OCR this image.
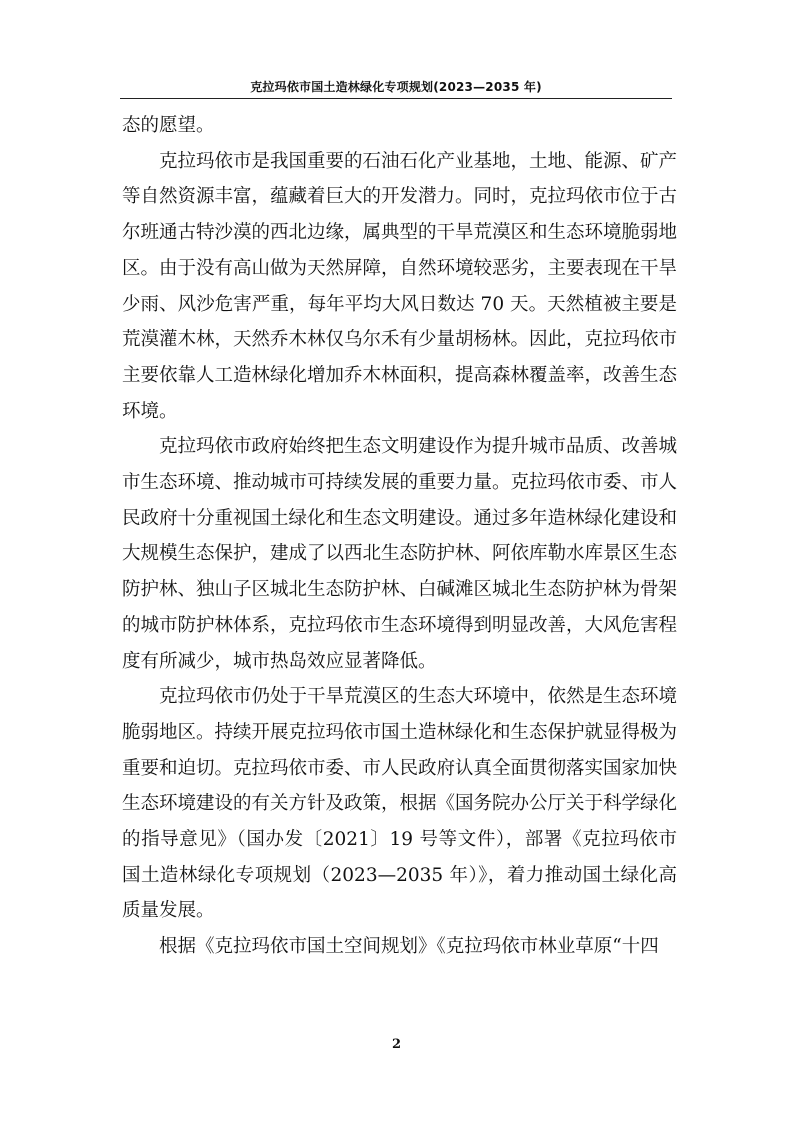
克拉玛依市国土造林绿化专项规划(2023—2035 年)

态的愿望。

克拉玛依市是我国重要的石油石化产业基地，土地、能源、矿产等自然资源丰富，蕴藏着巨大的开发潜力。同时，克拉玛依市位于古尔班通古特沙漠的西北边缘，属典型的干旱荒漠区和生态环境脆弱地区。由于没有高山做为天然屏障，自然环境较恶劣，主要表现在干旱少雨、风沙危害严重，每年平均大风日数达 70 天。天然植被主要是荒漠灌木林，天然乔木林仅乌尔禾有少量胡杨林。因此，克拉玛依市主要依靠人工造林绿化增加乔木林面积，提高森林覆盖率，改善生态环境。

克拉玛依市政府始终把生态文明建设作为提升城市品质、改善城市生态环境、推动城市可持续发展的重要力量。克拉玛依市委、市人民政府十分重视国土绿化和生态文明建设。通过多年造林绿化建设和大规模生态保护，建成了以西北生态防护林、阿依库勒水库景区生态防护林、独山子区城北生态防护林、白碱滩区城北生态防护林为骨架的城市防护林体系，克拉玛依市生态环境得到明显改善，大风危害程度有所减少，城市热岛效应显著降低。

克拉玛依市仍处于干旱荒漠区的生态大环境中，依然是生态环境脆弱地区。持续开展克拉玛依市国土造林绿化和生态保护就显得极为重要和迫切。克拉玛依市委、市人民政府认真全面贯彻落实国家加快生态环境建设的有关方针及政策，根据《国务院办公厅关于科学绿化的指导意见》（国办发〔2021〕19 号等文件），部署《克拉玛依市国土造林绿化专项规划（2023—2035 年）》，着力推动国土绿化高质量发展。

根据《克拉玛依市国土空间规划》《克拉玛依市林业草原“十四

2
